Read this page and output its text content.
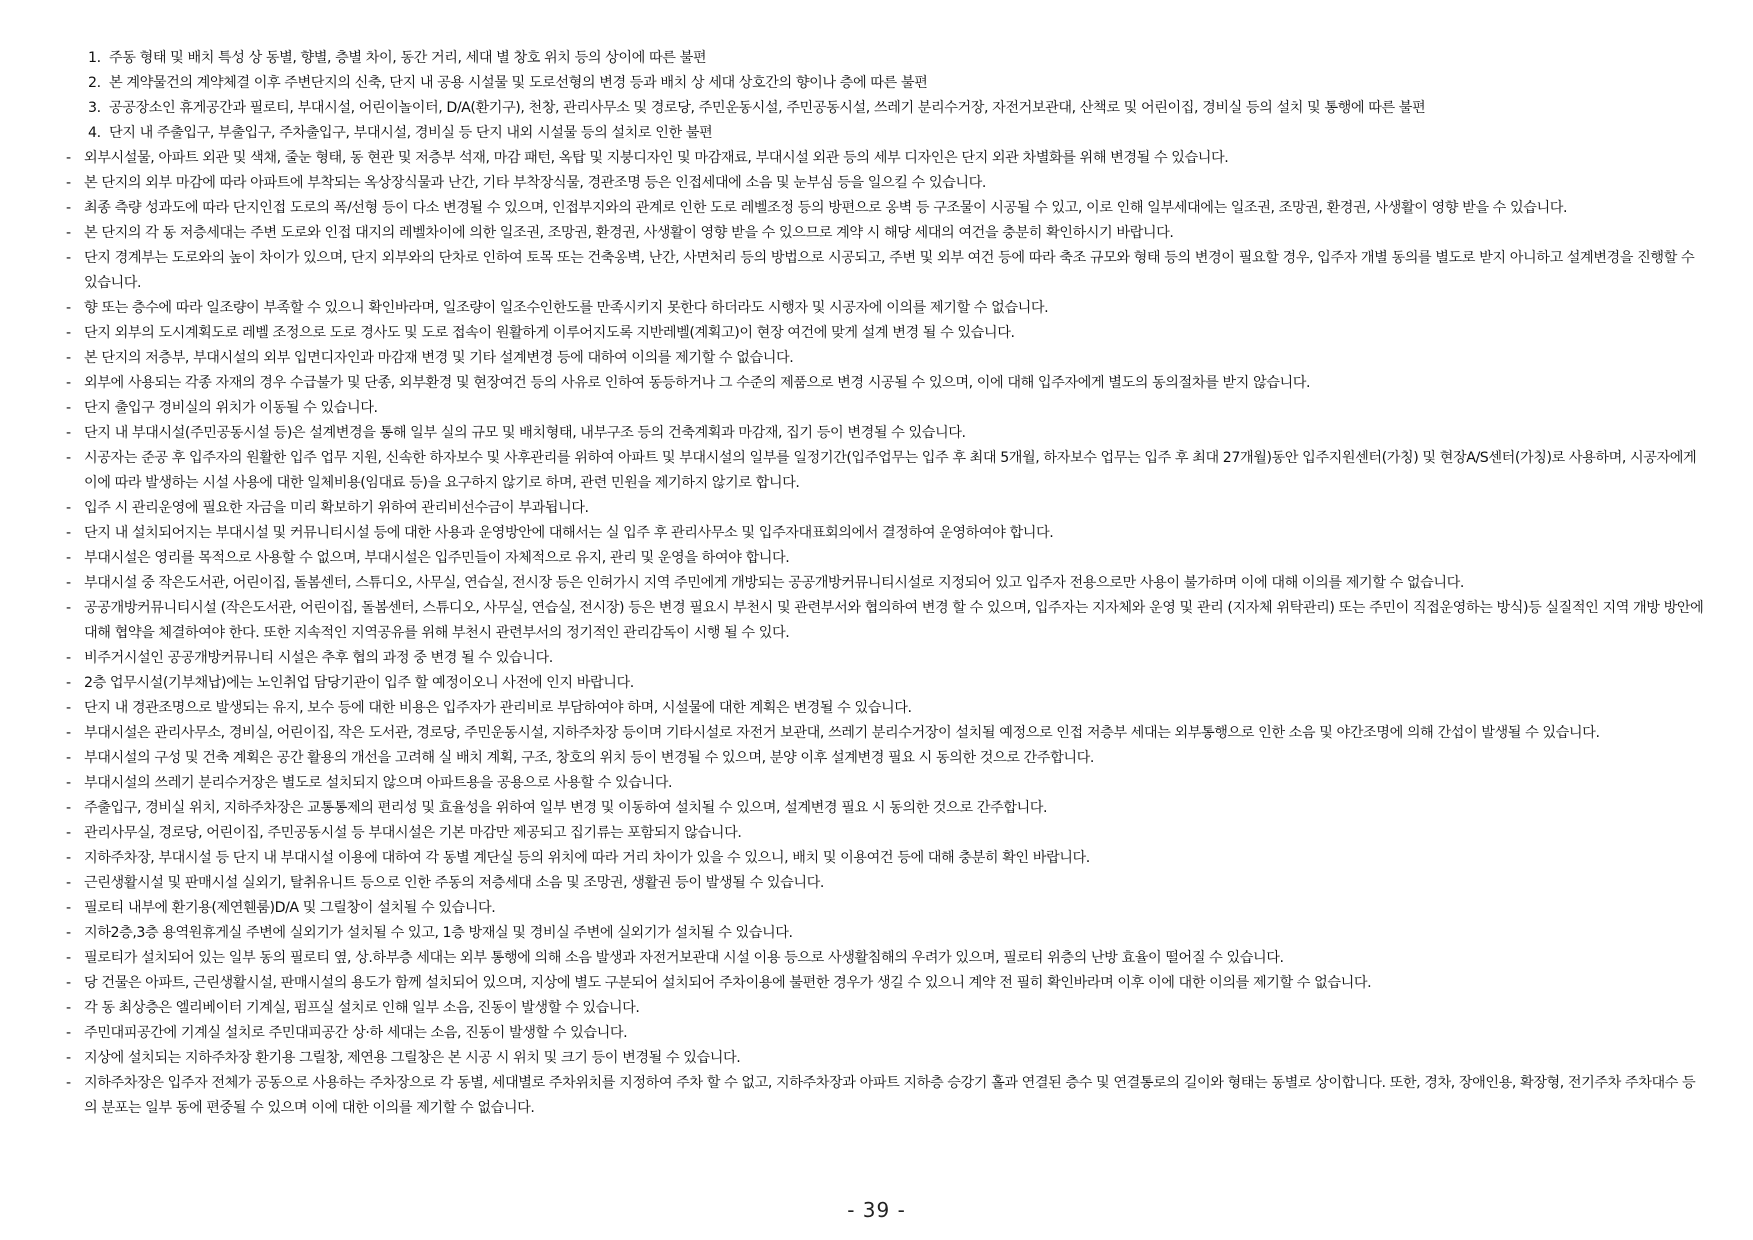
1. 주동 형태 및 배치 특성 상 동별, 향별, 층별 차이, 동간 거리, 세대 별 창호 위치 등의 상이에 따른 불편
2. 본 계약물건의 계약체결 이후 주변단지의 신축, 단지 내 공용 시설물 및 도로선형의 변경 등과 배치 상 세대 상호간의 향이나 층에 따른 불편
3. 공공장소인 휴게공간과 필로티, 부대시설, 어린이놀이터, D/A(환기구), 천창, 관리사무소 및 경로당, 주민운동시설, 주민공동시설, 쓰레기 분리수거장, 자전거보관대, 산책로 및 어린이집, 경비실 등의 설치 및 통행에 따른 불편
4. 단지 내 주출입구, 부출입구, 주차출입구, 부대시설, 경비실 등 단지 내외 시설물 등의 설치로 인한 불편
- 외부시설물, 아파트 외관 및 색채, 줄눈 형태, 동 현관 및 저층부 석재, 마감 패턴, 옥탑 및 지붕디자인 및 마감재료, 부대시설 외관 등의 세부 디자인은 단지 외관 차별화를 위해 변경될 수 있습니다.
- 본 단지의 외부 마감에 따라 아파트에 부착되는 옥상장식물과 난간, 기타 부착장식물, 경관조명 등은 인접세대에 소음 및 눈부심 등을 일으킬 수 있습니다.
- 최종 측량 성과도에 따라 단지인접 도로의 폭/선형 등이 다소 변경될 수 있으며, 인접부지와의 관계로 인한 도로 레벨조정 등의 방편으로 옹벽 등 구조물이 시공될 수 있고, 이로 인해 일부세대에는 일조권, 조망권, 환경권, 사생활이 영향 받을 수 있습니다.
- 본 단지의 각 동 저층세대는 주변 도로와 인접 대지의 레벨차이에 의한 일조권, 조망권, 환경권, 사생활이 영향 받을 수 있으므로 계약 시 해당 세대의 여건을 충분히 확인하시기 바랍니다.
- 단지 경계부는 도로와의 높이 차이가 있으며, 단지 외부와의 단차로 인하여 토목 또는 건축옹벽, 난간, 사면처리 등의 방법으로 시공되고, 주변 및 외부 여건 등에 따라 축조 규모와 형태 등의 변경이 필요할 경우, 입주자 개별 동의를 별도로 받지 아니하고 설계변경을 진행할 수 있습니다.
- 향 또는 층수에 따라 일조량이 부족할 수 있으니 확인바라며, 일조량이 일조수인한도를 만족시키지 못한다 하더라도 시행자 및 시공자에 이의를 제기할 수 없습니다.
- 단지 외부의 도시계획도로 레벨 조정으로 도로 경사도 및 도로 접속이 원활하게 이루어지도록 지반레벨(계획고)이 현장 여건에 맞게 설계 변경 될 수 있습니다.
- 본 단지의 저층부, 부대시설의 외부 입면디자인과 마감재 변경 및 기타 설계변경 등에 대하여 이의를 제기할 수 없습니다.
- 외부에 사용되는 각종 자재의 경우 수급불가 및 단종, 외부환경 및 현장여건 등의 사유로 인하여 동등하거나 그 수준의 제품으로 변경 시공될 수 있으며, 이에 대해 입주자에게 별도의 동의절차를 받지 않습니다.
- 단지 출입구 경비실의 위치가 이동될 수 있습니다.
- 단지 내 부대시설(주민공동시설 등)은 설계변경을 통해 일부 실의 규모 및 배치형태, 내부구조 등의 건축계획과 마감재, 집기 등이 변경될 수 있습니다.
- 시공자는 준공 후 입주자의 원활한 입주 업무 지원, 신속한 하자보수 및 사후관리를 위하여 아파트 및 부대시설의 일부를 일정기간(입주업무는 입주 후 최대 5개월, 하자보수 업무는 입주 후 최대 27개월)동안 입주지원센터(가칭) 및 현장A/S센터(가칭)로 사용하며, 시공자에게 이에 따라 발생하는 시설 사용에 대한 일체비용(임대료 등)을 요구하지 않기로 하며, 관련 민원을 제기하지 않기로 합니다.
- 입주 시 관리운영에 필요한 자금을 미리 확보하기 위하여 관리비선수금이 부과됩니다.
- 단지 내 설치되어지는 부대시설 및 커뮤니티시설 등에 대한 사용과 운영방안에 대해서는 실 입주 후 관리사무소 및 입주자대표회의에서 결정하여 운영하여야 합니다.
- 부대시설은 영리를 목적으로 사용할 수 없으며, 부대시설은 입주민들이 자체적으로 유지, 관리 및 운영을 하여야 합니다.
- 부대시설 중 작은도서관, 어린이집, 돌봄센터, 스튜디오, 사무실, 연습실, 전시장 등은 인허가시 지역 주민에게 개방되는 공공개방커뮤니티시설로 지정되어 있고 입주자 전용으로만 사용이 불가하며 이에 대해 이의를 제기할 수 없습니다.
- 공공개방커뮤니티시설 (작은도서관, 어린이집, 돌봄센터, 스튜디오, 사무실, 연습실, 전시장) 등은 변경 필요시 부천시 및 관련부서와 협의하여 변경 할 수 있으며, 입주자는 지자체와 운영 및 관리 (지자체 위탁관리) 또는 주민이 직접운영하는 방식)등 실질적인 지역 개방 방안에 대해 협약을 체결하여야 한다. 또한 지속적인 지역공유를 위해 부천시 관련부서의 정기적인 관리감독이 시행 될 수 있다.
- 비주거시설인 공공개방커뮤니티 시설은 추후 협의 과정 중 변경 될 수 있습니다.
- 2층 업무시설(기부채납)에는 노인취업 담당기관이 입주 할 예정이오니 사전에 인지 바랍니다.
- 단지 내 경관조명으로 발생되는 유지, 보수 등에 대한 비용은 입주자가 관리비로 부담하여야 하며, 시설물에 대한 계획은 변경될 수 있습니다.
- 부대시설은 관리사무소, 경비실, 어린이집, 작은 도서관, 경로당, 주민운동시설, 지하주차장 등이며 기타시설로 자전거 보관대, 쓰레기 분리수거장이 설치될 예정으로 인접 저층부 세대는 외부통행으로 인한 소음 및 야간조명에 의해 간섭이 발생될 수 있습니다.
- 부대시설의 구성 및 건축 계획은 공간 활용의 개선을 고려해 실 배치 계획, 구조, 창호의 위치 등이 변경될 수 있으며, 분양 이후 설계변경 필요 시 동의한 것으로 간주합니다.
- 부대시설의 쓰레기 분리수거장은 별도로 설치되지 않으며 아파트용을 공용으로 사용할 수 있습니다.
- 주출입구, 경비실 위치, 지하주차장은 교통통제의 편리성 및 효율성을 위하여 일부 변경 및 이동하여 설치될 수 있으며, 설계변경 필요 시 동의한 것으로 간주합니다.
- 관리사무실, 경로당, 어린이집, 주민공동시설 등 부대시설은 기본 마감만 제공되고 집기류는 포함되지 않습니다.
- 지하주차장, 부대시설 등 단지 내 부대시설 이용에 대하여 각 동별 계단실 등의 위치에 따라 거리 차이가 있을 수 있으니, 배치 및 이용여건 등에 대해 충분히 확인 바랍니다.
- 근린생활시설 및 판매시설 실외기, 탈취유니트 등으로 인한 주동의 저층세대 소음 및 조망권, 생활권 등이 발생될 수 있습니다.
- 필로티 내부에 환기용(제연휀룸)D/A 및 그릴창이 설치될 수 있습니다.
- 지하2층,3층 용역원휴게실 주변에 실외기가 설치될 수 있고, 1층 방재실 및 경비실 주변에 실외기가 설치될 수 있습니다.
- 필로티가 설치되어 있는 일부 동의 필로티 옆, 상.하부층 세대는 외부 통행에 의해 소음 발생과 자전거보관대 시설 이용 등으로 사생활침해의 우려가 있으며, 필로티 위층의 난방 효율이 떨어질 수 있습니다.
- 당 건물은 아파트, 근린생활시설, 판매시설의 용도가 함께 설치되어 있으며, 지상에 별도 구분되어 설치되어 주차이용에 불편한 경우가 생길 수 있으니 계약 전 필히 확인바라며 이후 이에 대한 이의를 제기할 수 없습니다.
- 각 동 최상층은 엘리베이터 기계실, 펌프실 설치로 인해 일부 소음, 진동이 발생할 수 있습니다.
- 주민대피공간에 기계실 설치로 주민대피공간 상·하 세대는 소음, 진동이 발생할 수 있습니다.
- 지상에 설치되는 지하주차장 환기용 그릴창, 제연용 그릴창은 본 시공 시 위치 및 크기 등이 변경될 수 있습니다.
- 지하주차장은 입주자 전체가 공동으로 사용하는 주차장으로 각 동별, 세대별로 주차위치를 지정하여 주차 할 수 없고, 지하주차장과 아파트 지하층 승강기 홀과 연결된 층수 및 연결통로의 길이와 형태는 동별로 상이합니다. 또한, 경차, 장애인용, 확장형, 전기주차 주차대수 등의 분포는 일부 동에 편중될 수 있으며 이에 대한 이의를 제기할 수 없습니다.
- 39 -
